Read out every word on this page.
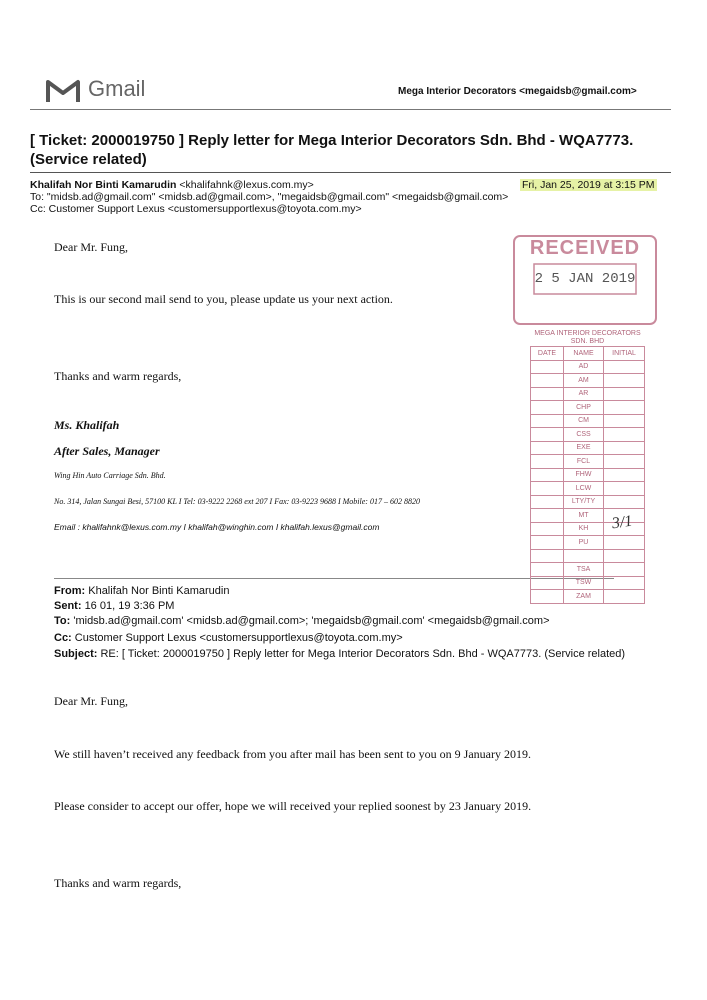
Gmail	Mega Interior Decorators <megaidsb@gmail.com>
[ Ticket: 2000019750 ] Reply letter for Mega Interior Decorators Sdn. Bhd - WQA7773. (Service related)
Khalifah Nor Binti Kamarudin <khalifahnk@lexus.com.my>	Fri, Jan 25, 2019 at 3:15 PM
To: "midsb.ad@gmail.com" <midsb.ad@gmail.com>, "megaidsb@gmail.com" <megaidsb@gmail.com>
Cc: Customer Support Lexus <customersupportlexus@toyota.com.my>
Dear Mr. Fung,
This is our second mail send to you, please update us your next action.
Thanks and warm regards,
Ms. Khalifah
After Sales, Manager
Wing Hin Auto Carriage Sdn. Bhd.
No. 314, Jalan Sungai Besi, 57100 KL I Tel: 03-9222 2268 ext 207 I Fax: 03-9223 9688 I Mobile: 017 – 602 8820
Email : khalifahnk@lexus.com.my I khalifah@winghin.com I khalifah.lexus@gmail.com
From: Khalifah Nor Binti Kamarudin
Sent: 16 01, 19 3:36 PM
To: 'midsb.ad@gmail.com' <midsb.ad@gmail.com>; 'megaidsb@gmail.com' <megaidsb@gmail.com>
Cc: Customer Support Lexus <customersupportlexus@toyota.com.my>
Subject: RE: [ Ticket: 2000019750 ] Reply letter for Mega Interior Decorators Sdn. Bhd - WQA7773. (Service related)
Dear Mr. Fung,
We still haven’t received any feedback from you after mail has been sent to you on 9 January 2019.
Please consider to accept our offer, hope we will received your replied soonest by 23 January 2019.
Thanks and warm regards,
RECEIVED
2 5 JAN 2019
MEGA INTERIOR DECORATORS SDN. BHD
DATE	NAME	INITIAL
	AD	
	AM	
	AR	
	CHP	
	CM	
	CSS	
	EXE	
	FCL	
	FHW	
	LCW	
	LTY/TY	
	MT	
	KH	
	PU	

	TSA	
	TSW	
	ZAM	
3/1
